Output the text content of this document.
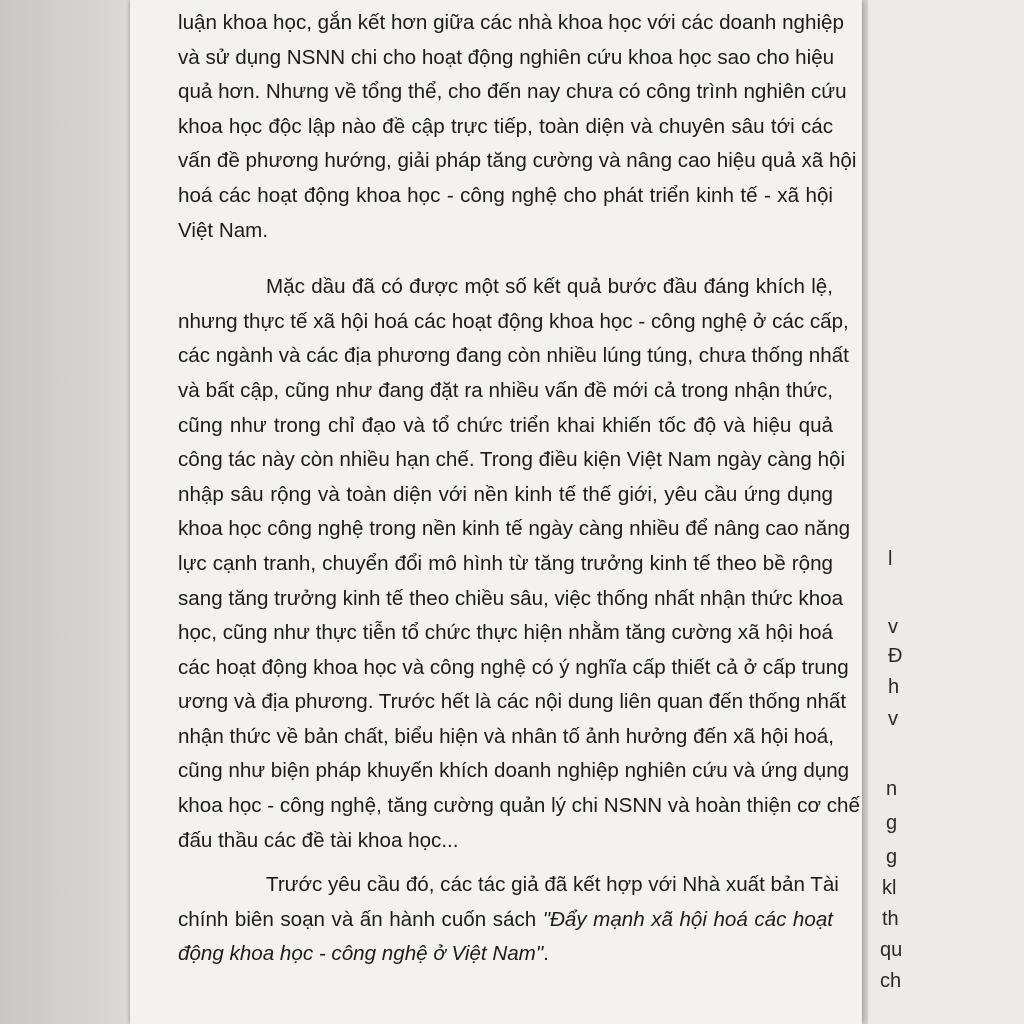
l
v
Đ
h
v
n
g
g
kl
th
qu
ch
luận khoa học, gắn kết hơn giữa các nhà khoa học với các doanh nghiệp
và sử dụng NSNN chi cho hoạt động nghiên cứu khoa học sao cho hiệu
quả hơn. Nhưng về tổng thể, cho đến nay chưa có công trình nghiên cứu
khoa học độc lập nào đề cập trực tiếp, toàn diện và chuyên sâu tới các
vấn đề phương hướng, giải pháp tăng cường và nâng cao hiệu quả xã hội
hoá các hoạt động khoa học - công nghệ cho phát triển kinh tế - xã hội
Việt Nam.
Mặc dầu đã có được một số kết quả bước đầu đáng khích lệ,
nhưng thực tế xã hội hoá các hoạt động khoa học - công nghệ ở các cấp,
các ngành và các địa phương đang còn nhiều lúng túng, chưa thống nhất
và bất cập, cũng như đang đặt ra nhiều vấn đề mới cả trong nhận thức,
cũng như trong chỉ đạo và tổ chức triển khai khiến tốc độ và hiệu quả
công tác này còn nhiều hạn chế. Trong điều kiện Việt Nam ngày càng hội
nhập sâu rộng và toàn diện với nền kinh tế thế giới, yêu cầu ứng dụng
khoa học công nghệ trong nền kinh tế ngày càng nhiều để nâng cao năng
lực cạnh tranh, chuyển đổi mô hình từ tăng trưởng kinh tế theo bề rộng
sang tăng trưởng kinh tế theo chiều sâu, việc thống nhất nhận thức khoa
học, cũng như thực tiễn tổ chức thực hiện nhằm tăng cường xã hội hoá
các hoạt động khoa học và công nghệ có ý nghĩa cấp thiết cả ở cấp trung
ương và địa phương. Trước hết là các nội dung liên quan đến thống nhất
nhận thức về bản chất, biểu hiện và nhân tố ảnh hưởng đến xã hội hoá,
cũng như biện pháp khuyến khích doanh nghiệp nghiên cứu và ứng dụng
khoa học - công nghệ, tăng cường quản lý chi NSNN và hoàn thiện cơ chế
đấu thầu các đề tài khoa học...
Trước yêu cầu đó, các tác giả đã kết hợp với Nhà xuất bản Tài
chính biên soạn và ấn hành cuốn sách "Đẩy mạnh xã hội hoá các hoạt
động khoa học - công nghệ ở Việt Nam".
